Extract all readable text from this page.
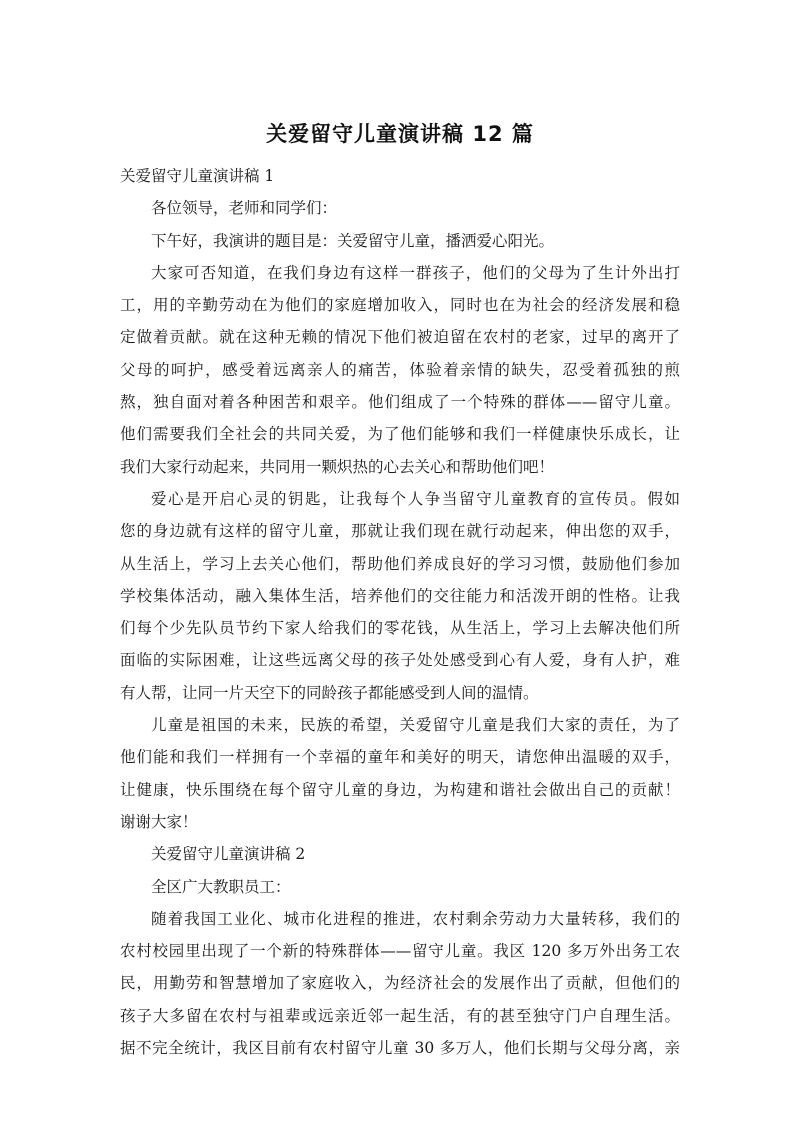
关爱留守儿童演讲稿 12 篇
关爱留守儿童演讲稿 1
各位领导，老师和同学们：
下午好，我演讲的题目是：关爱留守儿童，播洒爱心阳光。
大家可否知道，在我们身边有这样一群孩子，他们的父母为了生计外出打
工，用的辛勤劳动在为他们的家庭增加收入，同时也在为社会的经济发展和稳
定做着贡献。就在这种无赖的情况下他们被迫留在农村的老家，过早的离开了
父母的呵护，感受着远离亲人的痛苦，体验着亲情的缺失，忍受着孤独的煎
熬，独自面对着各种困苦和艰辛。他们组成了一个特殊的群体——留守儿童。
他们需要我们全社会的共同关爱，为了他们能够和我们一样健康快乐成长，让
我们大家行动起来，共同用一颗炽热的心去关心和帮助他们吧！
爱心是开启心灵的钥匙，让我每个人争当留守儿童教育的宣传员。假如
您的身边就有这样的留守儿童，那就让我们现在就行动起来，伸出您的双手，
从生活上，学习上去关心他们，帮助他们养成良好的学习习惯，鼓励他们参加
学校集体活动，融入集体生活，培养他们的交往能力和活泼开朗的性格。让我
们每个少先队员节约下家人给我们的零花钱，从生活上，学习上去解决他们所
面临的实际困难，让这些远离父母的孩子处处感受到心有人爱，身有人护，难
有人帮，让同一片天空下的同龄孩子都能感受到人间的温情。
儿童是祖国的未来，民族的希望，关爱留守儿童是我们大家的责任，为了
他们能和我们一样拥有一个幸福的童年和美好的明天，请您伸出温暖的双手，
让健康，快乐围绕在每个留守儿童的身边，为构建和谐社会做出自己的贡献！
谢谢大家！
关爱留守儿童演讲稿 2
全区广大教职员工：
随着我国工业化、城市化进程的推进，农村剩余劳动力大量转移，我们的
农村校园里出现了一个新的特殊群体——留守儿童。我区 120 多万外出务工农
民，用勤劳和智慧增加了家庭收入，为经济社会的发展作出了贡献，但他们的
孩子大多留在农村与祖辈或远亲近邻一起生活，有的甚至独守门户自理生活。
据不完全统计，我区目前有农村留守儿童 30 多万人，他们长期与父母分离，亲
